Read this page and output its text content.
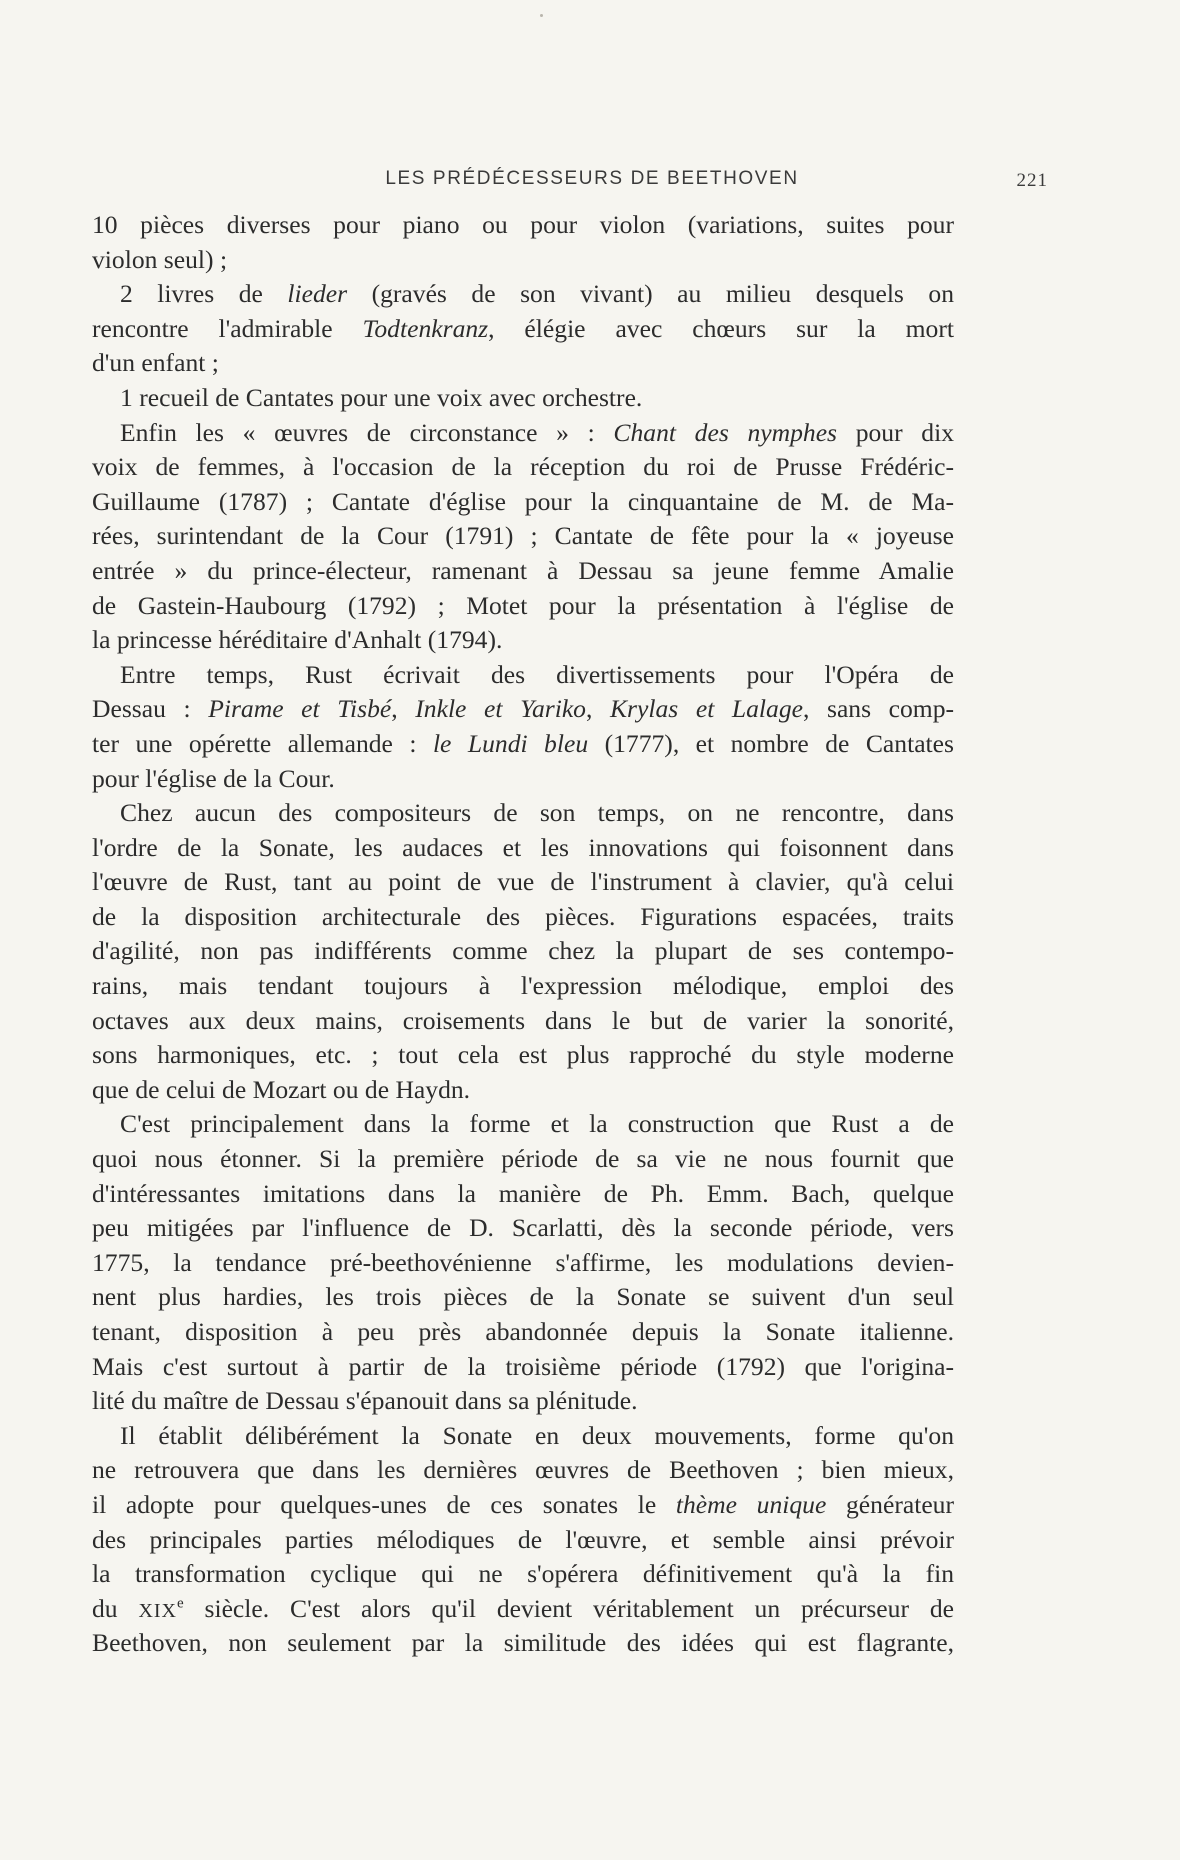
LES PRÉDÉCESSEURS DE BEETHOVEN	221
10 pièces diverses pour piano ou pour violon (variations, suites pour
violon seul) ;
2 livres de lieder (gravés de son vivant) au milieu desquels on
rencontre l'admirable Todtenkranz, élégie avec chœurs sur la mort
d'un enfant ;
1 recueil de Cantates pour une voix avec orchestre.
Enfin les « œuvres de circonstance » : Chant des nymphes pour dix
voix de femmes, à l'occasion de la réception du roi de Prusse Frédéric-
Guillaume (1787) ; Cantate d'église pour la cinquantaine de M. de Ma-
rées, surintendant de la Cour (1791) ; Cantate de fête pour la « joyeuse
entrée » du prince-électeur, ramenant à Dessau sa jeune femme Amalie
de Gastein-Haubourg (1792) ; Motet pour la présentation à l'église de
la princesse héréditaire d'Anhalt (1794).
Entre temps, Rust écrivait des divertissements pour l'Opéra de
Dessau : Pirame et Tisbé, Inkle et Yariko, Krylas et Lalage, sans comp-
ter une opérette allemande : le Lundi bleu (1777), et nombre de Cantates
pour l'église de la Cour.
Chez aucun des compositeurs de son temps, on ne rencontre, dans
l'ordre de la Sonate, les audaces et les innovations qui foisonnent dans
l'œuvre de Rust, tant au point de vue de l'instrument à clavier, qu'à celui
de la disposition architecturale des pièces. Figurations espacées, traits
d'agilité, non pas indifférents comme chez la plupart de ses contempo-
rains, mais tendant toujours à l'expression mélodique, emploi des
octaves aux deux mains, croisements dans le but de varier la sonorité,
sons harmoniques, etc. ; tout cela est plus rapproché du style moderne
que de celui de Mozart ou de Haydn.
C'est principalement dans la forme et la construction que Rust a de
quoi nous étonner. Si la première période de sa vie ne nous fournit que
d'intéressantes imitations dans la manière de Ph. Emm. Bach, quelque
peu mitigées par l'influence de D. Scarlatti, dès la seconde période, vers
1775, la tendance pré-beethovénienne s'affirme, les modulations devien-
nent plus hardies, les trois pièces de la Sonate se suivent d'un seul
tenant, disposition à peu près abandonnée depuis la Sonate italienne.
Mais c'est surtout à partir de la troisième période (1792) que l'origina-
lité du maître de Dessau s'épanouit dans sa plénitude.
Il établit délibérément la Sonate en deux mouvements, forme qu'on
ne retrouvera que dans les dernières œuvres de Beethoven ; bien mieux,
il adopte pour quelques-unes de ces sonates le thème unique générateur
des principales parties mélodiques de l'œuvre, et semble ainsi prévoir
la transformation cyclique qui ne s'opérera définitivement qu'à la fin
du XIXe siècle. C'est alors qu'il devient véritablement un précurseur de
Beethoven, non seulement par la similitude des idées qui est flagrante,
